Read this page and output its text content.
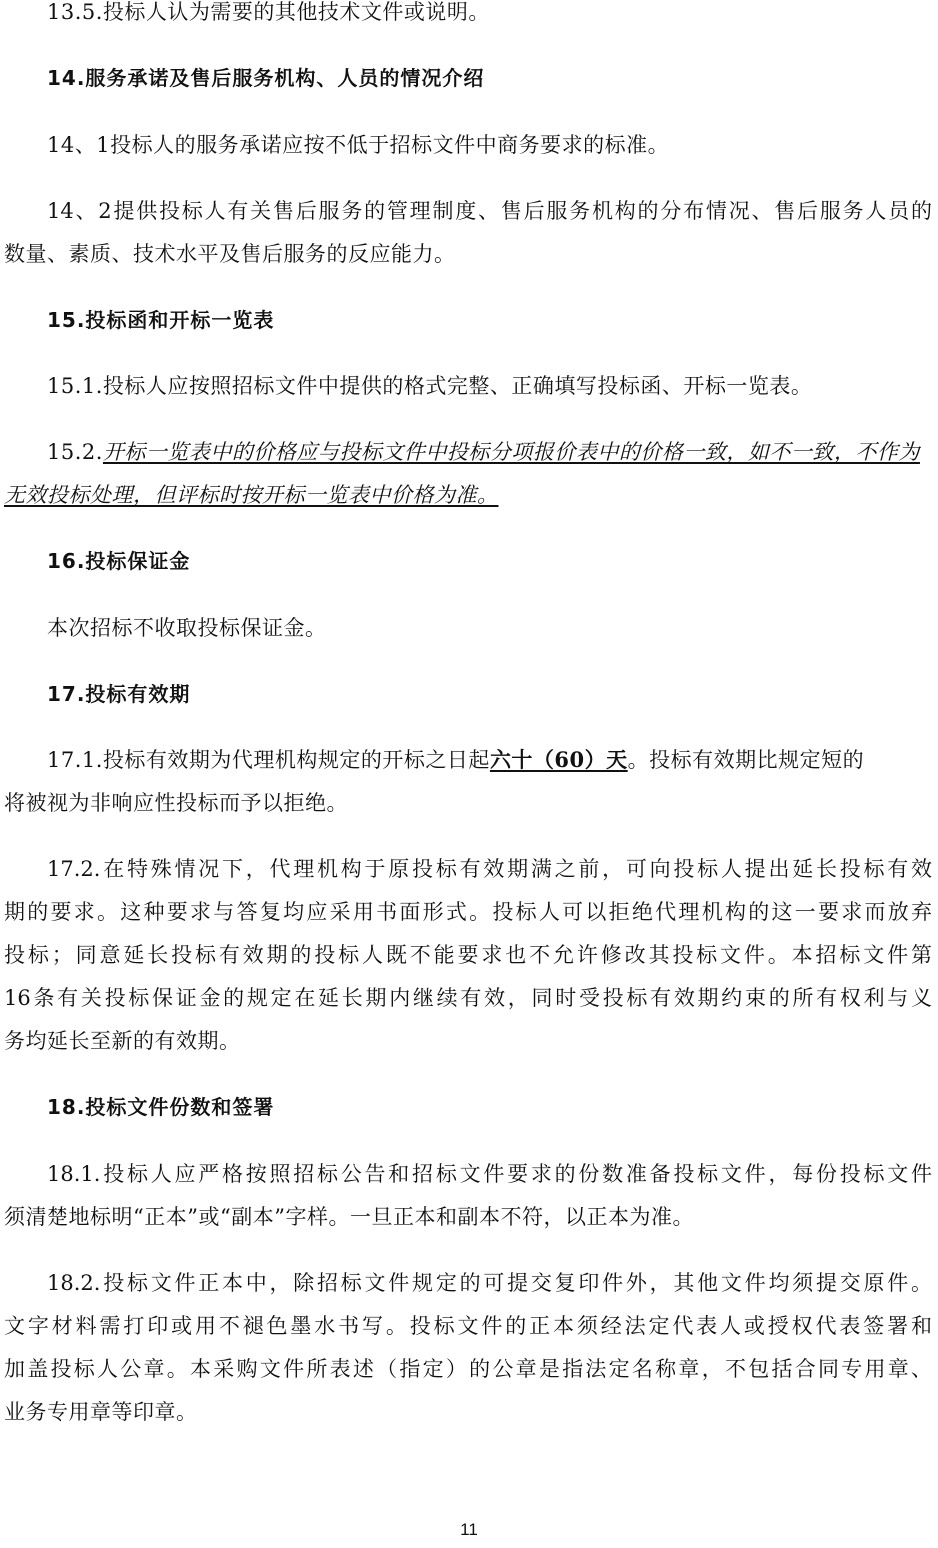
13.5.投标人认为需要的其他技术文件或说明。
14.服务承诺及售后服务机构、人员的情况介绍
14、1投标人的服务承诺应按不低于招标文件中商务要求的标准。
14、2提供投标人有关售后服务的管理制度、售后服务机构的分布情况、售后服务人员的
数量、素质、技术水平及售后服务的反应能力。
15.投标函和开标一览表
15.1.投标人应按照招标文件中提供的格式完整、正确填写投标函、开标一览表。
15.2.开标一览表中的价格应与投标文件中投标分项报价表中的价格一致，如不一致，不作为
无效投标处理，但评标时按开标一览表中价格为准。
16.投标保证金
本次招标不收取投标保证金。
17.投标有效期
17.1.投标有效期为代理机构规定的开标之日起六十（60）天。投标有效期比规定短的
将被视为非响应性投标而予以拒绝。
17.2.在特殊情况下，代理机构于原投标有效期满之前，可向投标人提出延长投标有效
期的要求。这种要求与答复均应采用书面形式。投标人可以拒绝代理机构的这一要求而放弃
投标；同意延长投标有效期的投标人既不能要求也不允许修改其投标文件。本招标文件第
16条有关投标保证金的规定在延长期内继续有效，同时受投标有效期约束的所有权利与义
务均延长至新的有效期。
18.投标文件份数和签署
18.1.投标人应严格按照招标公告和招标文件要求的份数准备投标文件，每份投标文件
须清楚地标明“正本”或“副本”字样。一旦正本和副本不符，以正本为准。
18.2.投标文件正本中，除招标文件规定的可提交复印件外，其他文件均须提交原件。
文字材料需打印或用不褪色墨水书写。投标文件的正本须经法定代表人或授权代表签署和
加盖投标人公章。本采购文件所表述（指定）的公章是指法定名称章，不包括合同专用章、
业务专用章等印章。
11
